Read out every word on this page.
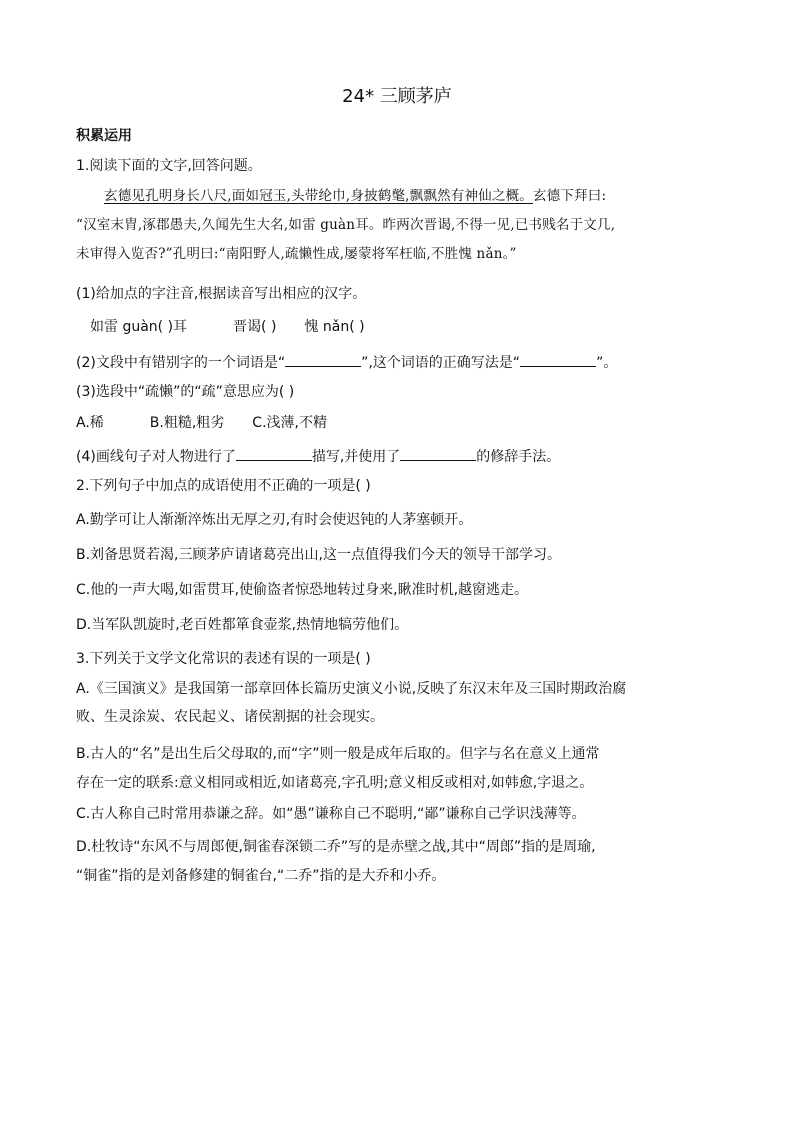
24* 三顾茅庐
积累运用
1.阅读下面的文字,回答问题。
玄德见孔明身长八尺,面如冠玉,头带纶巾,身披鹤氅,飘飘然有神仙之概。玄德下拜曰:
“汉室末胄,涿郡愚夫,久闻先生大名,如雷 guàn耳。昨两次晋谒,不得一见,已书贱名于文几,
未审得入览否?”孔明曰:“南阳野人,疏懒性成,屡蒙将军枉临,不胜愧 nǎn。”
(1)给加点的字注音,根据读音写出相应的汉字。
如雷 guàn( )耳	晋谒( ) 愧 nǎn( )
(2)文段中有错别字的一个词语是“	”,这个词语的正确写法是“	”。
(3)选段中“疏懒”的“疏”意思应为( )
A.稀	B.粗糙,粗劣 C.浅薄,不精
(4)画线句子对人物进行了	描写,并使用了	的修辞手法。
2.下列句子中加点的成语使用不正确的一项是( )
A.勤学可让人渐渐淬炼出无厚之刃,有时会使迟钝的人茅塞顿开。
B.刘备思贤若渴,三顾茅庐请诸葛亮出山,这一点值得我们今天的领导干部学习。
C.他的一声大喝,如雷贯耳,使偷盗者惊恐地转过身来,瞅准时机,越窗逃走。
D.当军队凯旋时,老百姓都箪食壶浆,热情地犒劳他们。
3.下列关于文学文化常识的表述有误的一项是( )
A.《三国演义》是我国第一部章回体长篇历史演义小说,反映了东汉末年及三国时期政治腐
败、生灵涂炭、农民起义、诸侯割据的社会现实。
B.古人的“名”是出生后父母取的,而“字”则一般是成年后取的。但字与名在意义上通常
存在一定的联系:意义相同或相近,如诸葛亮,字孔明;意义相反或相对,如韩愈,字退之。
C.古人称自己时常用恭谦之辞。如“愚”谦称自己不聪明,“鄙”谦称自己学识浅薄等。
D.杜牧诗“东风不与周郎便,铜雀春深锁二乔”写的是赤壁之战,其中“周郎”指的是周瑜,
“铜雀”指的是刘备修建的铜雀台,“二乔”指的是大乔和小乔。
